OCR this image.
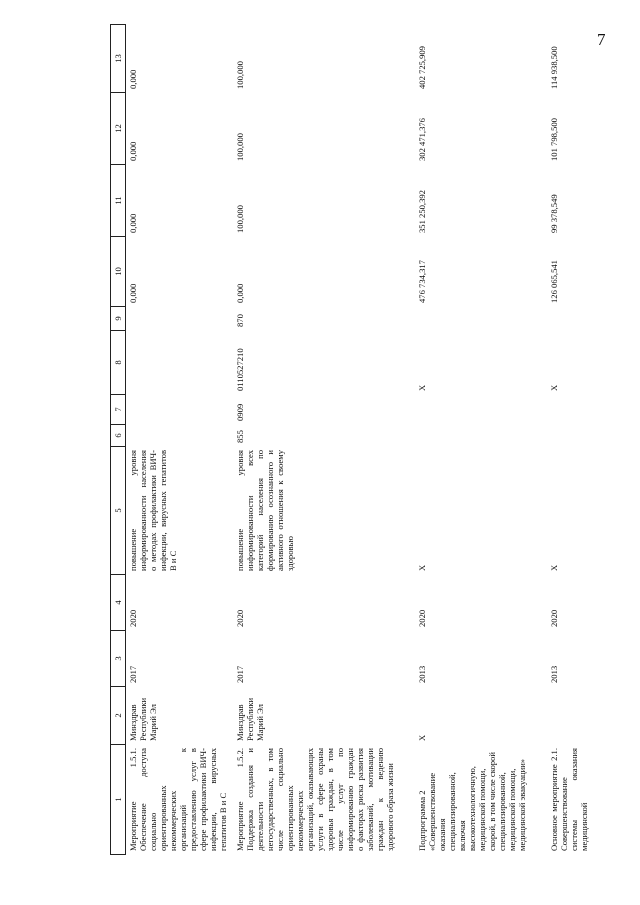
7
1	2	3	4	5	6	7	8	9	10	11	12	13
Мероприятие 1.5.1. Обеспечение доступа социально ориентированных некоммерческих организаций к предоставлению услуг в сфере профилактики ВИЧ-инфекции, вирусных гепатитов В и С	Минздрав Республики Марий Эл	2017	2020	повышение уровня информированности населения о методах профилактики ВИЧ-инфекции, вирусных гепатитов В и С					0,000	0,000	0,000	0,000
Мероприятие 1.5.2. Поддержка создания и деятельности негосударственных, в том числе социально ориентированных некоммерческих организаций, оказывающих услуги в сфере охраны здоровья граждан, в том числе услуг по информированию граждан о факторах риска развития заболеваний, мотивации граждан к ведению здорового образа жизни	Минздрав Республики Марий Эл	2017	2020	повышение уровня информированности всех категорий населения по формированию осознанного и активного отношения к своему здоровью	855	0909	0110527210	870	0,000	100,000	100,000	100,000
Подпрограмма 2 «Совершенствование оказания специализированной, включая высокотехнологичную, медицинской помощи, скорой, в том числе скорой специализированной, медицинской помощи, медицинской эвакуации»	Х	2013	2020	Х			Х		476 734,317	351 250,392	302 471,376	402 725,909
Основное мероприятие 2.1. Совершенствование системы оказания медицинской		2013	2020	Х			Х		126 065,541	99 378,549	101 798,500	114 938,500
